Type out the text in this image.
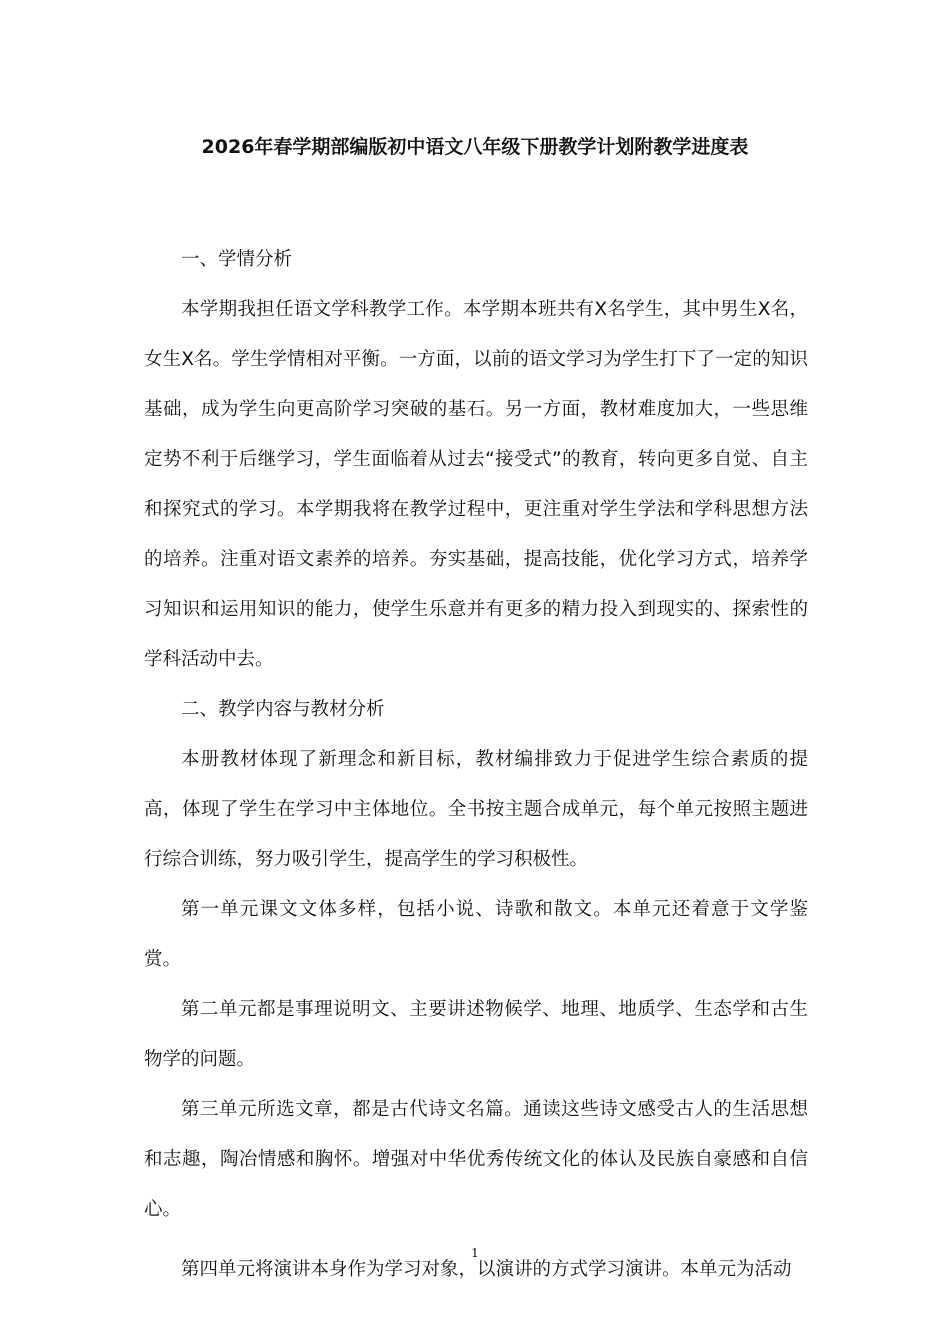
2026年春学期部编版初中语文八年级下册教学计划附教学进度表

一、学情分析

本学期我担任语文学科教学工作。本学期本班共有X名学生，其中男生X名，女生X名。学生学情相对平衡。一方面，以前的语文学习为学生打下了一定的知识基础，成为学生向更高阶学习突破的基石。另一方面，教材难度加大，一些思维定势不利于后继学习，学生面临着从过去“接受式”的教育，转向更多自觉、自主和探究式的学习。本学期我将在教学过程中，更注重对学生学法和学科思想方法的培养。注重对语文素养的培养。夯实基础，提高技能，优化学习方式，培养学习知识和运用知识的能力，使学生乐意并有更多的精力投入到现实的、探索性的学科活动中去。

二、教学内容与教材分析

本册教材体现了新理念和新目标，教材编排致力于促进学生综合素质的提高，体现了学生在学习中主体地位。全书按主题合成单元，每个单元按照主题进行综合训练，努力吸引学生，提高学生的学习积极性。

第一单元课文文体多样，包括小说、诗歌和散文。本单元还着意于文学鉴赏。

第二单元都是事理说明文、主要讲述物候学、地理、地质学、生态学和古生物学的问题。

第三单元所选文章，都是古代诗文名篇。通读这些诗文感受古人的生活思想和志趣，陶冶情感和胸怀。增强对中华优秀传统文化的体认及民族自豪感和自信心。

第四单元将演讲本身作为学习对象，以演讲的方式学习演讲。本单元为活动

1
